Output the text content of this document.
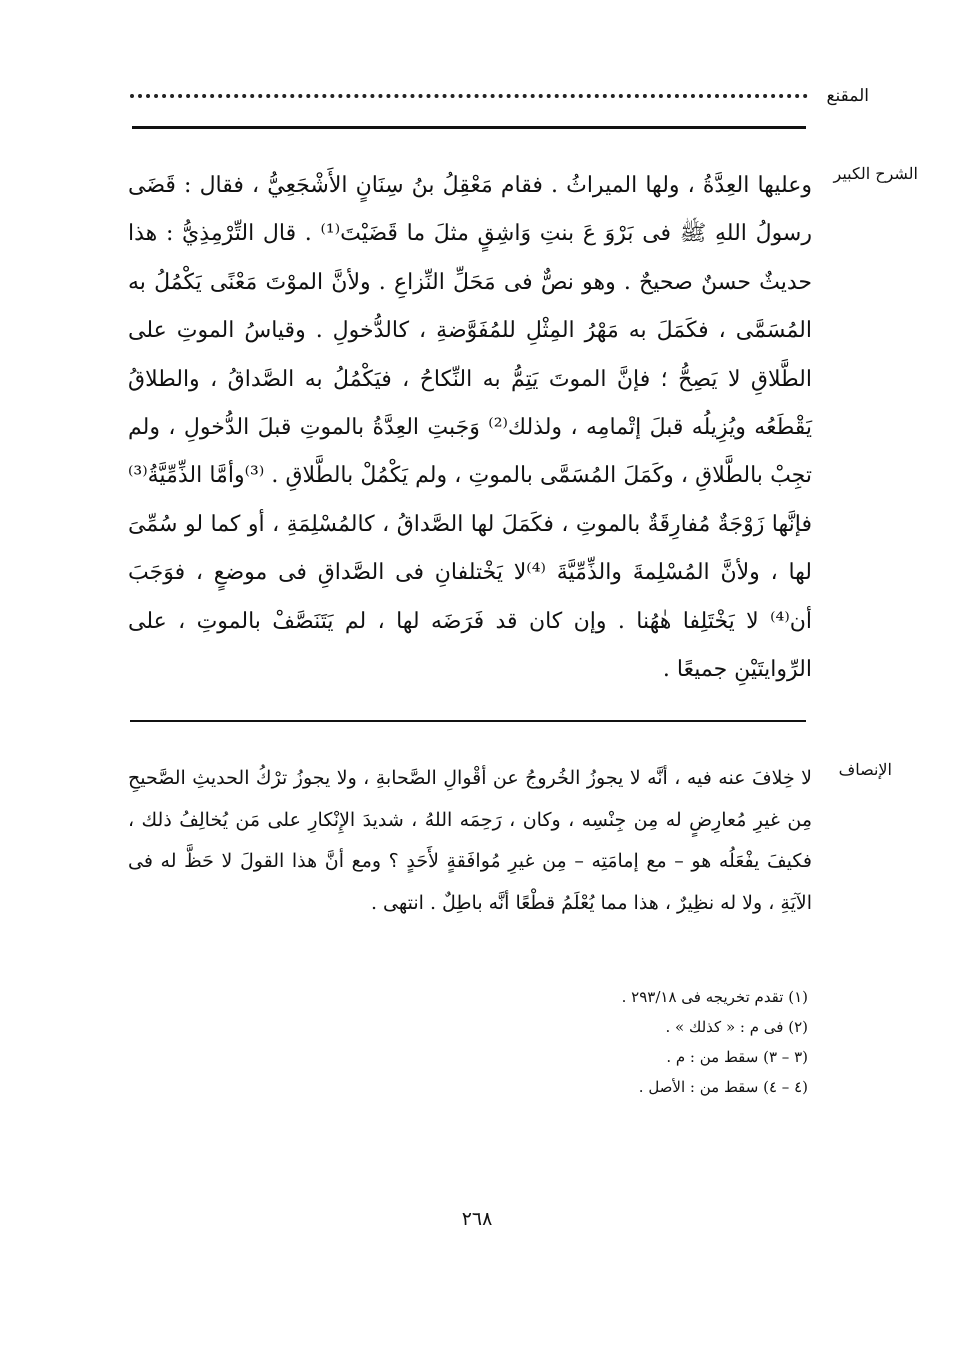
المقنع
الشرح الكبير
وعليها العِدَّةُ ، ولها الميراثُ . فقام مَعْقِلُ بنُ سِنَانٍ الأَشْجَعِيُّ ، فقال : قَضَى رسولُ اللهِ ﷺ فى بَرْوَ عَ بنتِ وَاشِقٍ مثلَ ما قَضَيْتَ⁽¹⁾ . قال التِّرْمِذِيُّ : هذا حديثٌ حسنٌ صحيحٌ . وهو نصٌّ فى مَحَلِّ النِّزاعِ . ولأنَّ الموْتَ مَعْنًى يَكْمُلُ به المُسَمَّى ، فكَمَلَ به مَهْرُ المِثْلِ للمُفَوَّضةِ ، كالدُّخولِ . وقياسُ الموتِ على الطَّلاقِ لا يَصِحُّ ؛ فإنَّ الموتَ يَتِمُّ به النِّكاحُ ، فيَكْمُلُ به الصَّداقُ ، والطلاقُ يَقْطَعُه ويُزِيلُه قبلَ إتْمامِه ، ولذلك⁽²⁾ وَجَبتِ العِدَّةُ بالموتِ قبلَ الدُّخولِ ، ولم تجِبْ بالطَّلاقِ ، وكَمَلَ المُسَمَّى بالموتِ ، ولم يَكْمُلْ بالطَّلاقِ . ⁽³⁾وأمَّا الذِّمِّيَّةُ⁽³⁾ فإنَّها زَوْجَةٌ مُفارِقَةٌ بالموتِ ، فكَمَلَ لها الصَّداقُ ، كالمُسْلِمَةِ ، أو كما لو سُمِّىَ لها ، ولأنَّ المُسْلِمةَ والذِّمِّيَّةَ ⁽⁴⁾لا يَخْتلفانِ فى الصَّداقِ فى موضعٍ ، فوَجَبَ أن⁽⁴⁾ لا يَخْتَلِفا هٰهُنا . وإن كان قد فَرَضَه لها ، لم يَتَنَصَّفْ بالموتِ ، على الرِّوايتَيْنِ جميعًا .
الإنصاف
لا خِلافَ عنه فيه ، أنَّه لا يجوزُ الخُروجُ عن أقْوالِ الصَّحابةِ ، ولا يجوزُ ترْكُ الحديثِ الصَّحيحِ مِن غيرِ مُعارِضٍ له مِن جِنْسِه ، وكان ، رَحِمَه اللهُ ، شديدَ الإِنْكارِ على مَن يُخالِفُ ذلك ، فكيفَ يفْعَلُه هو – مع إمامَتِه – مِن غيرِ مُوافَقةٍ لأَحَدٍ ؟ ومع أنَّ هذا القولَ لا حَظَّ له فى الآيَةِ ، ولا له نظِيرٌ ، هذا مما يُعْلَمُ قطْعًا أنَّه باطِلٌ . انتهى .
(١) تقدم تخريجه فى ٢٩٣/١٨ .
(٢) فى م : « كذلك » .
(٣ – ٣) سقط من : م .
(٤ – ٤) سقط من : الأصل .
٢٦٨
